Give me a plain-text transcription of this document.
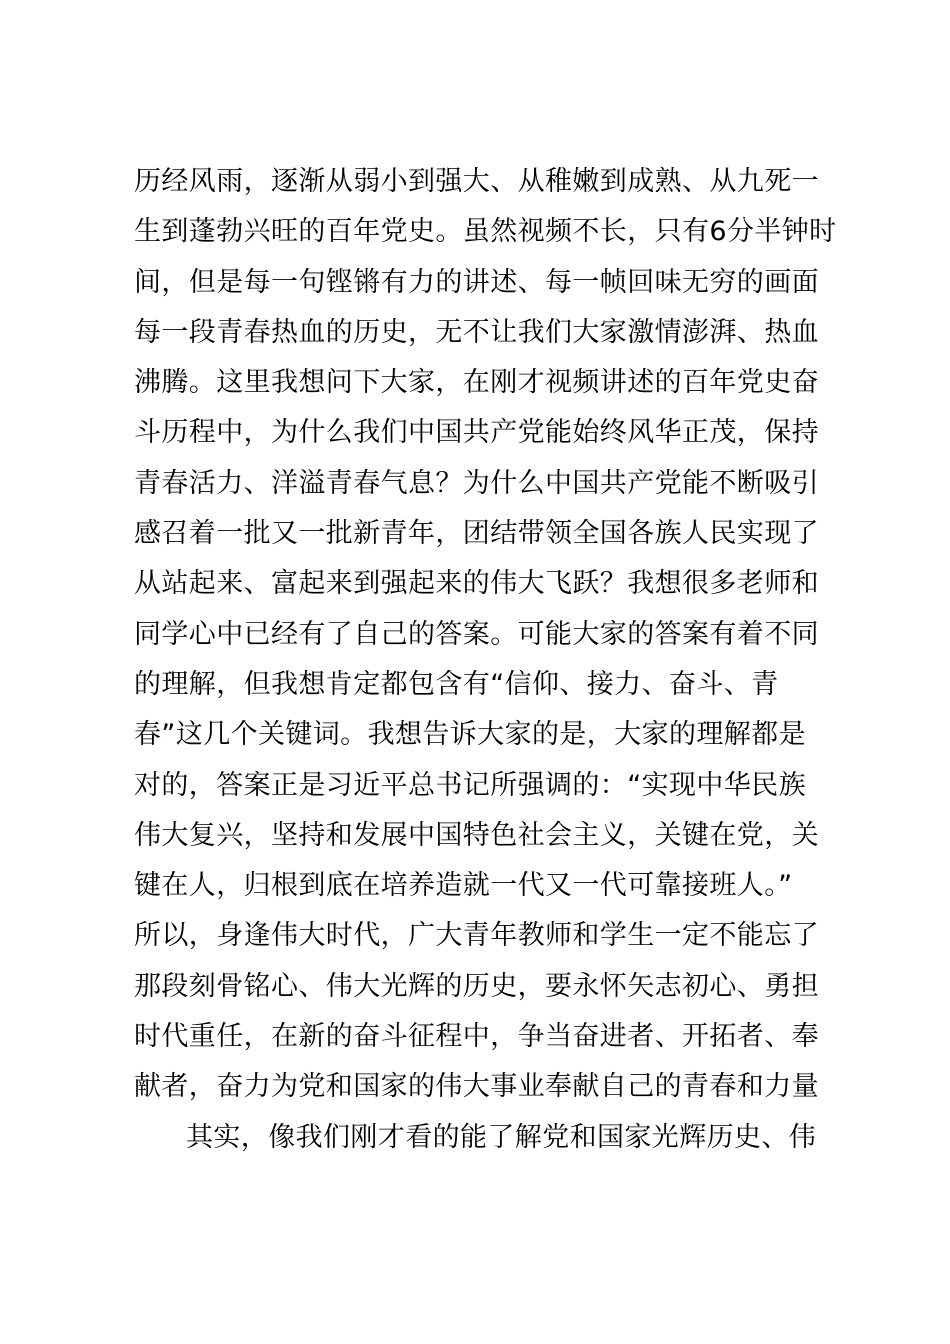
历经风雨，逐渐从弱小到强大、从稚嫩到成熟、从九死一
生到蓬勃兴旺的百年党史。虽然视频不长，只有6分半钟时
间，但是每一句铿锵有力的讲述、每一帧回味无穷的画面
每一段青春热血的历史，无不让我们大家激情澎湃、热血
沸腾。这里我想问下大家，在刚才视频讲述的百年党史奋
斗历程中，为什么我们中国共产党能始终风华正茂，保持
青春活力、洋溢青春气息？为什么中国共产党能不断吸引
感召着一批又一批新青年，团结带领全国各族人民实现了
从站起来、富起来到强起来的伟大飞跃？我想很多老师和
同学心中已经有了自己的答案。可能大家的答案有着不同
的理解，但我想肯定都包含有“信仰、接力、奋斗、青
春”这几个关键词。我想告诉大家的是，大家的理解都是
对的，答案正是习近平总书记所强调的：“实现中华民族
伟大复兴，坚持和发展中国特色社会主义，关键在党，关
键在人，归根到底在培养造就一代又一代可靠接班人。”
所以，身逢伟大时代，广大青年教师和学生一定不能忘了
那段刻骨铭心、伟大光辉的历史，要永怀矢志初心、勇担
时代重任，在新的奋斗征程中，争当奋进者、开拓者、奉
献者，奋力为党和国家的伟大事业奉献自己的青春和力量
其实，像我们刚才看的能了解党和国家光辉历史、伟
